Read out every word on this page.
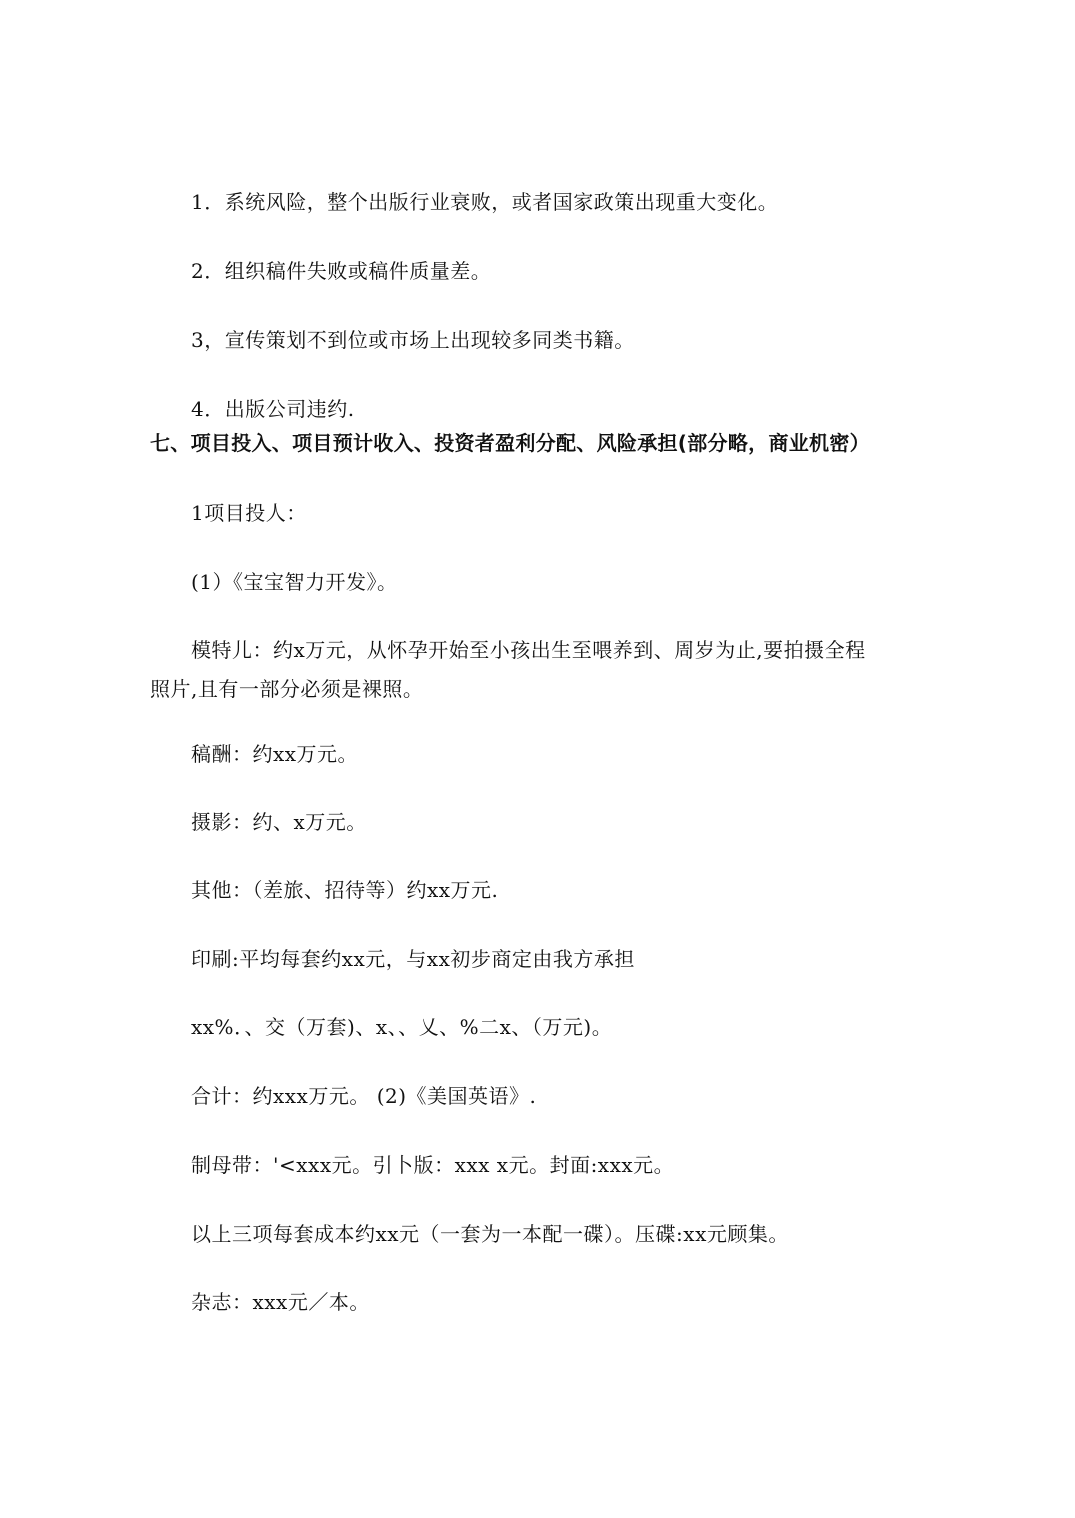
1．系统风险，整个出版行业衰败，或者国家政策出现重大变化。
2．组织稿件失败或稿件质量差。
3，宣传策划不到位或市场上出现较多同类书籍。
4．出版公司违约.
七、项目投入、项目预计收入、投资者盈利分配、风险承担(部分略，商业机密）
1项目投人：
(1）《宝宝智力开发》。
模特儿：约x万元，从怀孕开始至小孩出生至喂养到、周岁为止,要拍摄全程
照片,且有一部分必须是裸照。
稿酬：约xx万元。
摄影：约、x万元。
其他：（差旅、招待等）约xx万元.
印刷:平均每套约xx元，与xx初步商定由我方承担
xx%．、交（万套)、x、、乂、%二x、（万元)。
合计：约xxx万元。 (2)《美国英语》.
制母带：'<xxx元。引卜版：xxx x元。封面:xxx元。
以上三项每套成本约xx元（一套为一本配一碟）。压碟:xx元顾集。
杂志：xxx元／本。
